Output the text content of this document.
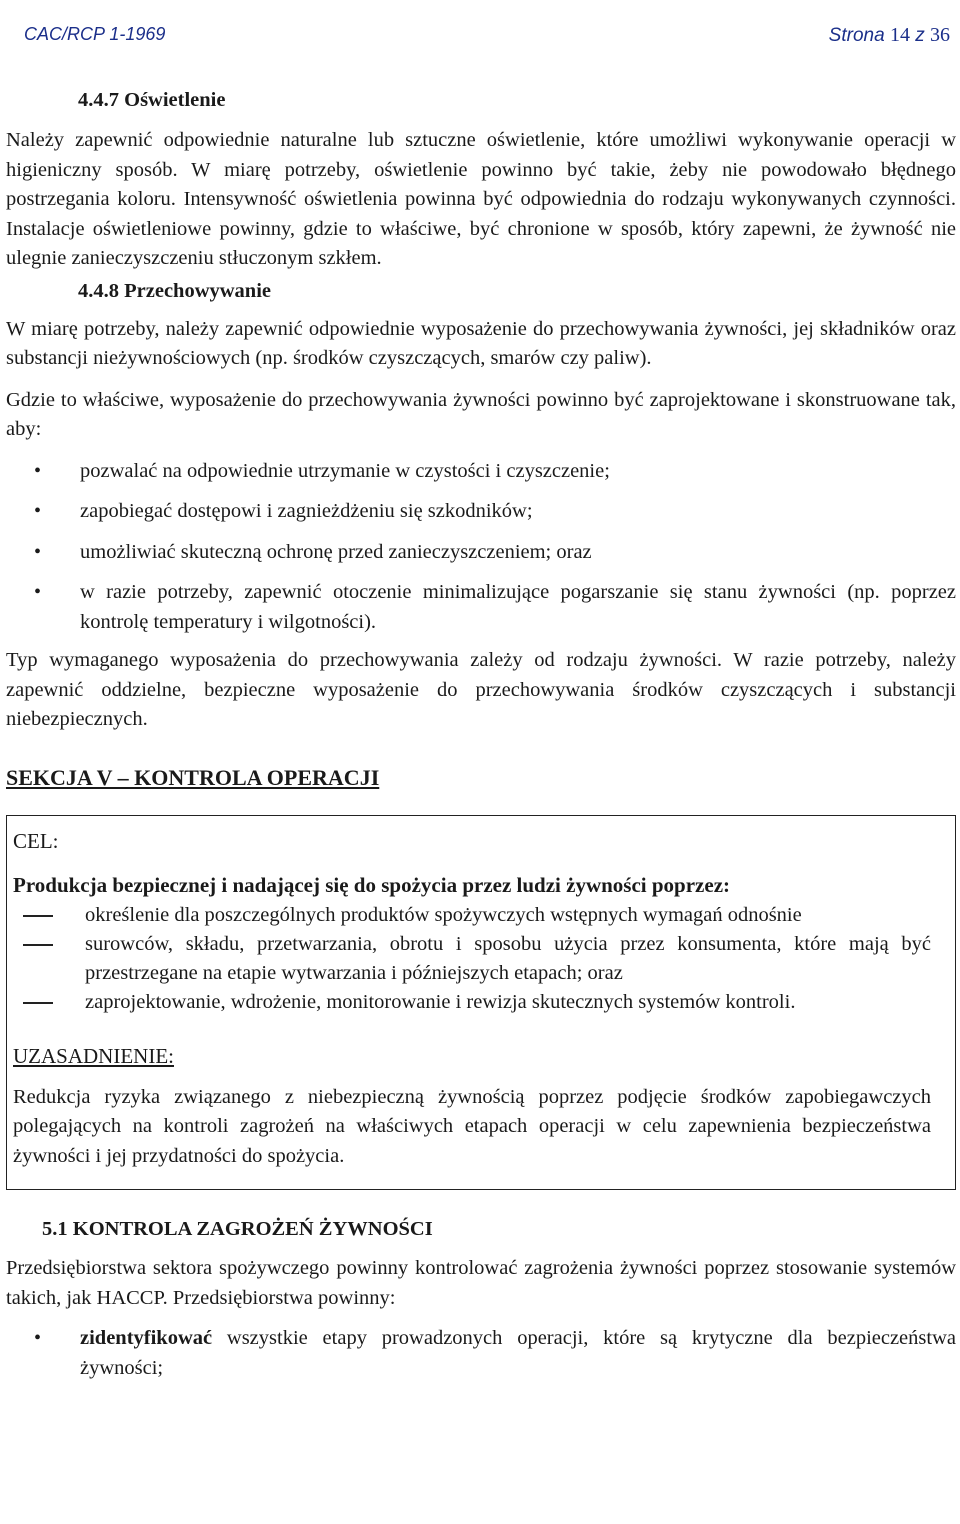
CAC/RCP 1-1969	Strona 14 z 36
4.4.7 Oświetlenie

Należy zapewnić odpowiednie naturalne lub sztuczne oświetlenie, które umożliwi wykonywanie operacji w higieniczny sposób. W miarę potrzeby, oświetlenie powinno być takie, żeby nie powodowało błędnego postrzegania koloru. Intensywność oświetlenia powinna być odpowiednia do rodzaju wykonywanych czynności. Instalacje oświetleniowe powinny, gdzie to właściwe, być chronione w sposób, który zapewni, że żywność nie ulegnie zanieczyszczeniu stłuczonym szkłem.

4.4.8 Przechowywanie

W miarę potrzeby, należy zapewnić odpowiednie wyposażenie do przechowywania żywności, jej składników oraz substancji nieżywnościowych (np. środków czyszczących, smarów czy paliw).

Gdzie to właściwe, wyposażenie do przechowywania żywności powinno być zaprojektowane i skonstruowane tak, aby:

• pozwalać na odpowiednie utrzymanie w czystości i czyszczenie;
• zapobiegać dostępowi i zagnieżdżeniu się szkodników;
• umożliwiać skuteczną ochronę przed zanieczyszczeniem; oraz
• w razie potrzeby, zapewnić otoczenie minimalizujące pogarszanie się stanu żywności (np. poprzez kontrolę temperatury i wilgotności).

Typ wymaganego wyposażenia do przechowywania zależy od rodzaju żywności. W razie potrzeby, należy zapewnić oddzielne, bezpieczne wyposażenie do przechowywania środków czyszczących i substancji niebezpiecznych.

SEKCJA V – KONTROLA OPERACJI

CEL:

Produkcja bezpiecznej i nadającej się do spożycia przez ludzi żywności poprzez:

określenie dla poszczególnych produktów spożywczych wstępnych wymagań odnośnie
surowców, składu, przetwarzania, obrotu i sposobu użycia przez konsumenta, które mają być przestrzegane na etapie wytwarzania i późniejszych etapach; oraz
zaprojektowanie, wdrożenie, monitorowanie i rewizja skutecznych systemów kontroli.

UZASADNIENIE:

Redukcja ryzyka związanego z niebezpieczną żywnością poprzez podjęcie środków zapobiegawczych polegających na kontroli zagrożeń na właściwych etapach operacji w celu zapewnienia bezpieczeństwa żywności i jej przydatności do spożycia.

5.1 KONTROLA ZAGROŻEŃ ŻYWNOŚCI

Przedsiębiorstwa sektora spożywczego powinny kontrolować zagrożenia żywności poprzez stosowanie systemów takich, jak HACCP. Przedsiębiorstwa powinny:

• zidentyfikować wszystkie etapy prowadzonych operacji, które są krytyczne dla bezpieczeństwa żywności;
